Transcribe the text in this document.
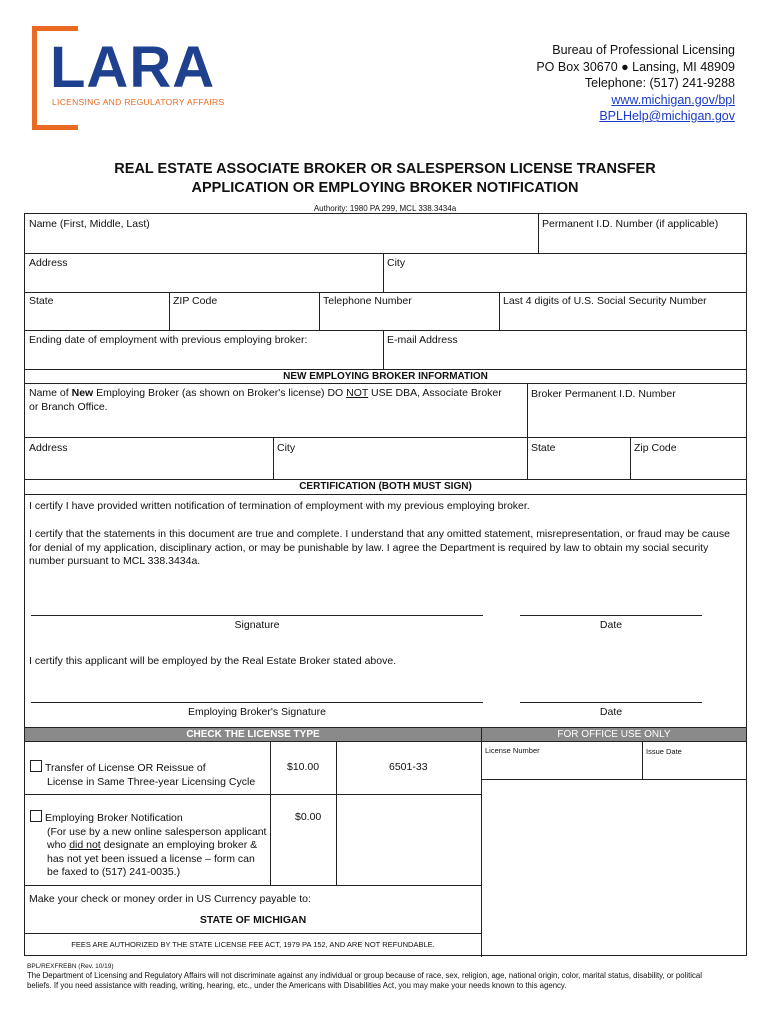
LARA
LICENSING AND REGULATORY AFFAIRS
Bureau of Professional Licensing
PO Box 30670 ● Lansing, MI 48909
Telephone: (517) 241-9288
www.michigan.gov/bpl
BPLHelp@michigan.gov
REAL ESTATE ASSOCIATE BROKER OR SALESPERSON LICENSE TRANSFER
APPLICATION OR EMPLOYING BROKER NOTIFICATION
Authority: 1980 PA 299, MCL 338.3434a
Name (First, Middle, Last)	Permanent I.D. Number (if applicable)
Address	City
State	ZIP Code	Telephone Number	Last 4 digits of U.S. Social Security Number
Ending date of employment with previous employing broker:	E-mail Address
NEW EMPLOYING BROKER INFORMATION
Name of New Employing Broker (as shown on Broker's license) DO NOT USE DBA, Associate Broker or Branch Office.
Broker Permanent I.D. Number
Address	City	State	Zip Code
CERTIFICATION (BOTH MUST SIGN)
I certify I have provided written notification of termination of employment with my previous employing broker.
I certify that the statements in this document are true and complete. I understand that any omitted statement, misrepresentation, or fraud may be cause for denial of my application, disciplinary action, or may be punishable by law. I agree the Department is required by law to obtain my social security number pursuant to MCL 338.3434a.
Signature	Date
I certify this applicant will be employed by the Real Estate Broker stated above.
Employing Broker's Signature	Date
CHECK THE LICENSE TYPE	FOR OFFICE USE ONLY
Transfer of License OR Reissue of
License in Same Three-year Licensing Cycle
$10.00	6501-33
Employing Broker Notification
(For use by a new online salesperson applicant
who did not designate an employing broker &
has not yet been issued a license – form can
be faxed to (517) 241-0035.)
$0.00
Make your check or money order in US Currency payable to:
STATE OF MICHIGAN
FEES ARE AUTHORIZED BY THE STATE LICENSE FEE ACT, 1979 PA 152, AND ARE NOT REFUNDABLE.
License Number	Issue Date
BPL/REXFREBN (Rev. 10/19)
The Department of Licensing and Regulatory Affairs will not discriminate against any individual or group because of race, sex, religion, age, national origin, color, marital status, disability, or political beliefs. If you need assistance with reading, writing, hearing, etc., under the Americans with Disabilities Act, you may make your needs known to this agency.
